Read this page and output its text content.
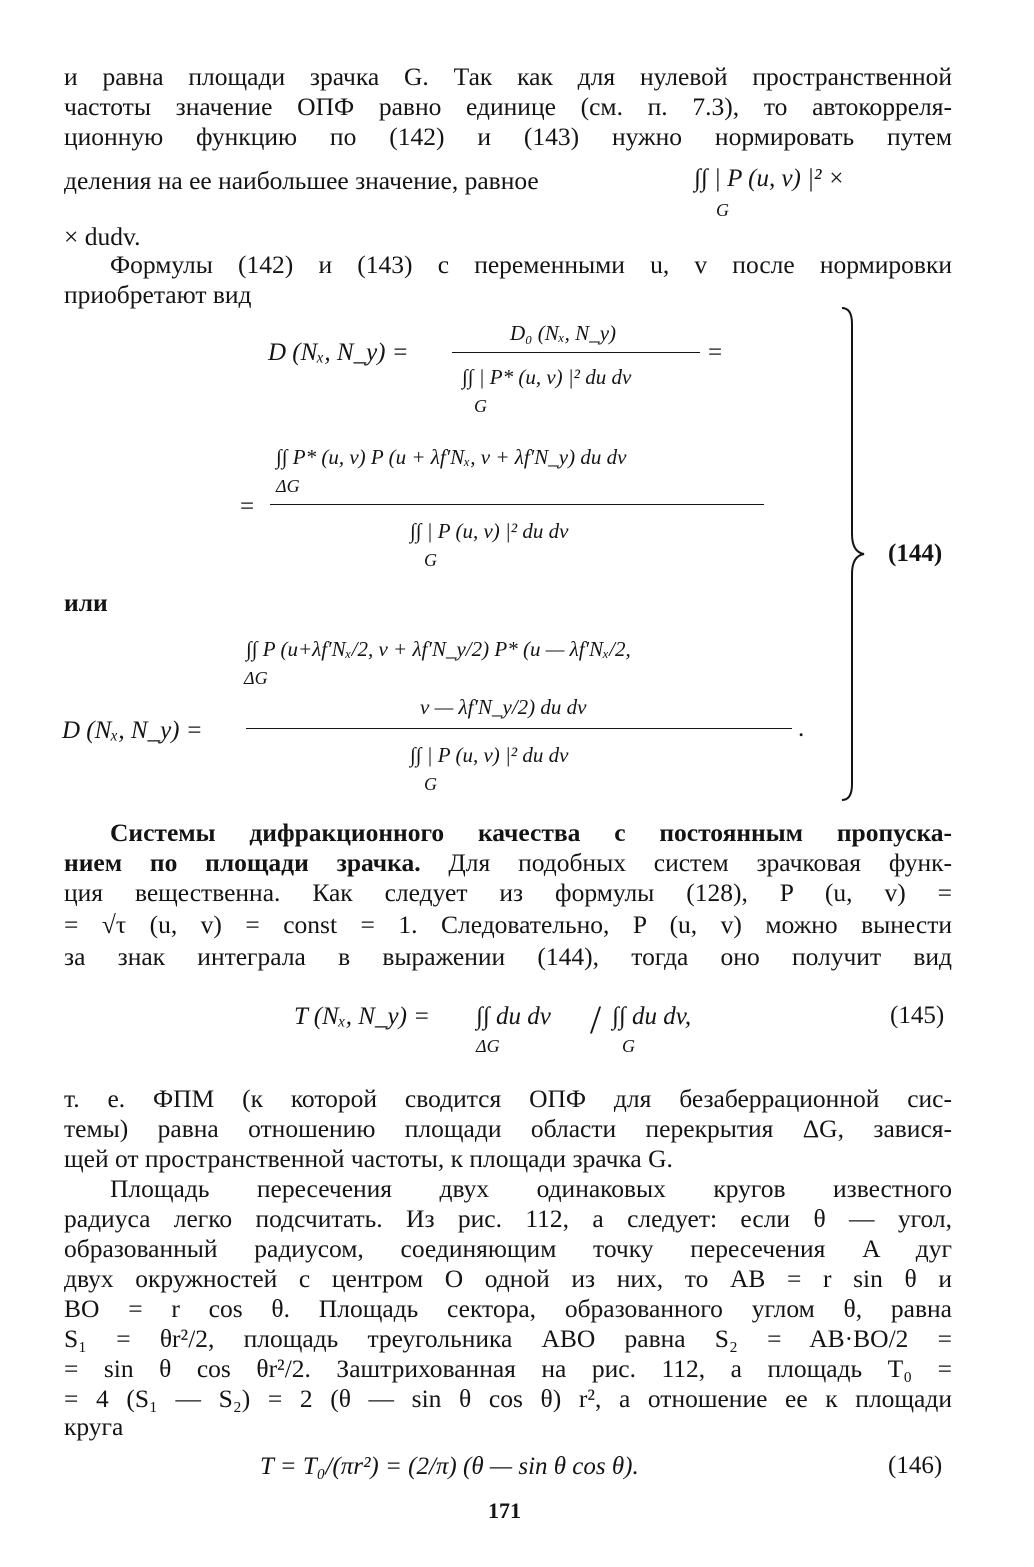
и равна площади зрачка G. Так как для нулевой пространственной
частоты значение ОПФ равно единице (см. п. 7.3), то автокорреля-
ционную функцию по (142) и (143) нужно нормировать путем
деления на ее наибольшее значение, равное	∫∫ | P (u, v) |² ×
G
× dudv.
Формулы (142) и (143) с переменными u, v после нормировки
приобретают вид
D (Nₓ, N_y) =
D₀ (Nₓ, N_y)
∫∫ | P* (u, v) |² du dv
G
=
∫∫ P* (u, v) P (u + λf′Nₓ, v + λf′N_y) du dv
ΔG
=
∫∫ | P (u, v) |² du dv
G
или
∫∫ P (u+λf′Nₓ/2, v + λf′N_y/2) P* (u — λf′Nₓ/2,
ΔG
v — λf′N_y/2) du dv
D (Nₓ, N_y) =	.
∫∫ | P (u, v) |² du dv
G
(144)
Системы дифракционного качества с постоянным пропуска-
нием по площади зрачка. Для подобных систем зрачковая функ-
ция вещественна. Как следует из формулы (128), P (u, v) =
= √τ (u, v) = const = 1. Следовательно, P (u, v) можно вынести
за знак интеграла в выражении (144), тогда оно получит вид
T (Nₓ, N_y) = ∫∫ du dv
ΔG
/ ∫∫ du dv,
G
(145)
т. е. ФПМ (к которой сводится ОПФ для безаберрационной сис-
темы) равна отношению площади области перекрытия ΔG, завися-
щей от пространственной частоты, к площади зрачка G.
Площадь пересечения двух одинаковых кругов известного
радиуса легко подсчитать. Из рис. 112, а следует: если θ — угол,
образованный радиусом, соединяющим точку пересечения A дуг
двух окружностей с центром O одной из них, то AB = r sin θ и
BO = r cos θ. Площадь сектора, образованного углом θ, равна
S₁ = θr²/2, площадь треугольника ABO равна S₂ = AB·BO/2 =
= sin θ cos θr²/2. Заштрихованная на рис. 112, а площадь T₀ =
= 4 (S₁ — S₂) = 2 (θ — sin θ cos θ) r², а отношение ее к площади
круга
T = T₀/(πr²) = (2/π) (θ — sin θ cos θ).	(146)
171
